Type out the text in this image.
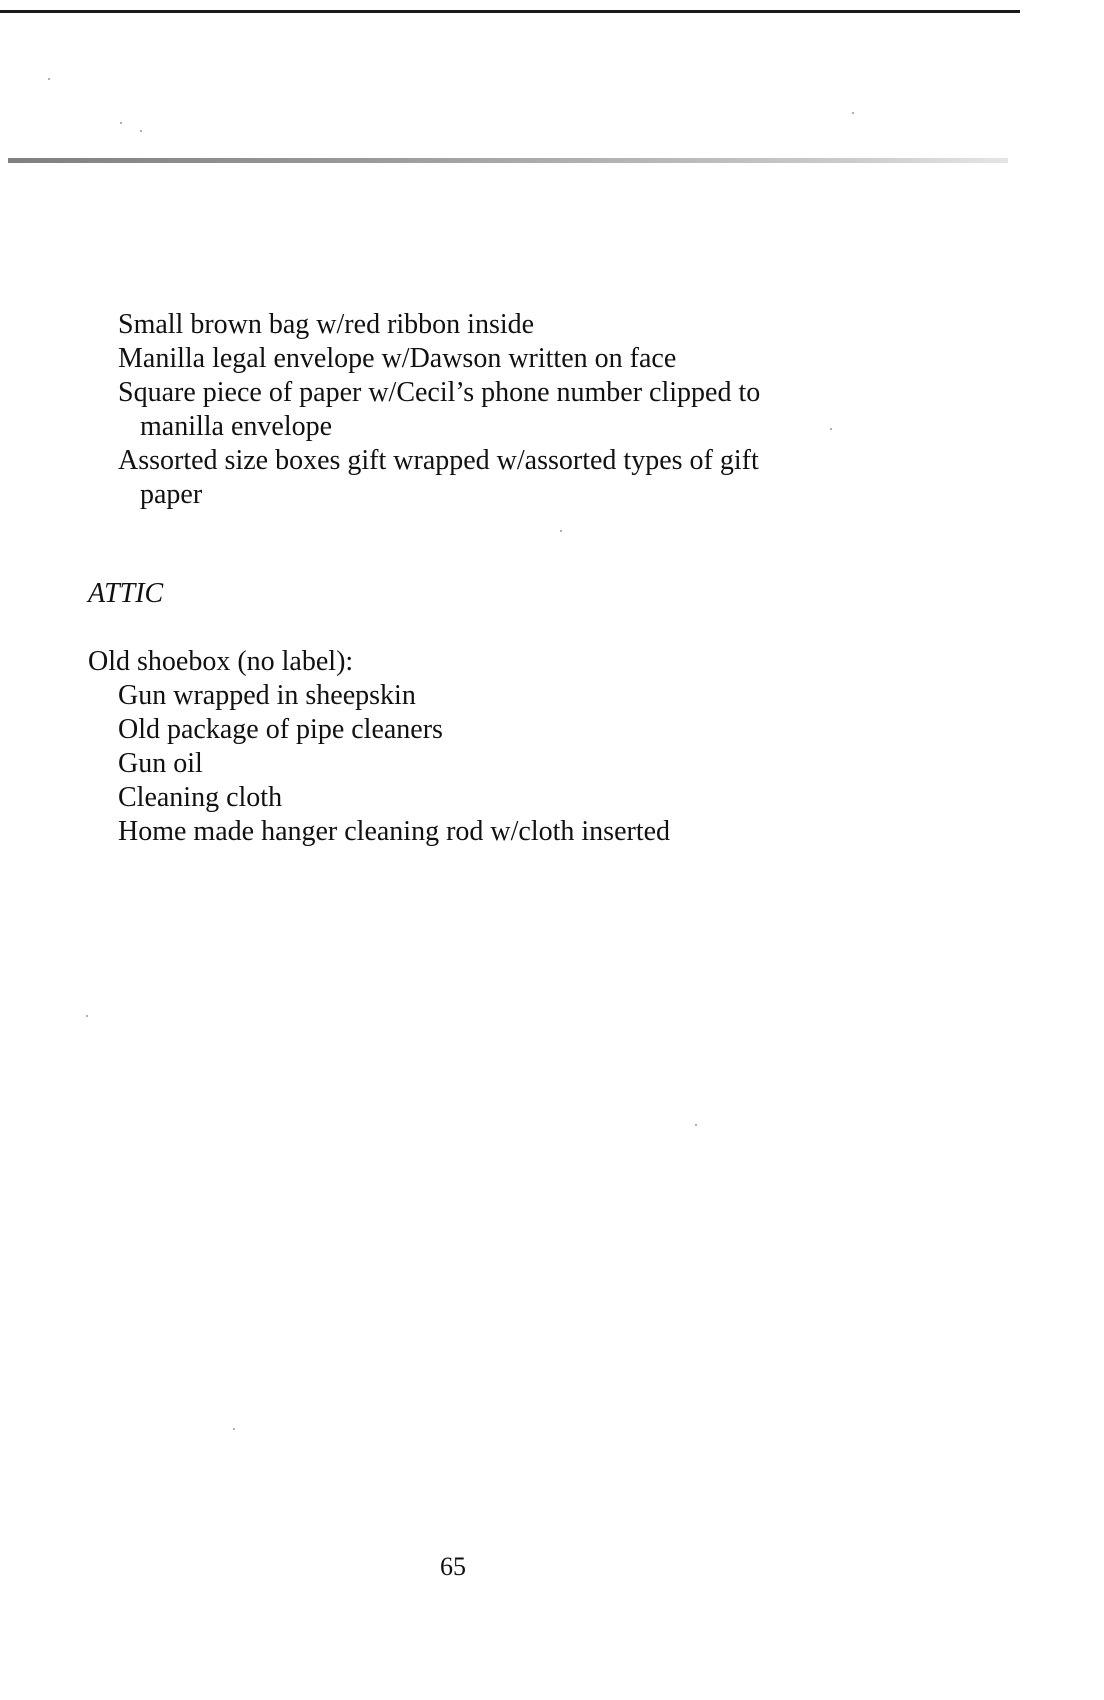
Small brown bag w/red ribbon inside
Manilla legal envelope w/Dawson written on face
Square piece of paper w/Cecil’s phone number clipped to
manilla envelope
Assorted size boxes gift wrapped w/assorted types of gift
paper
ATTIC
Old shoebox (no label):
Gun wrapped in sheepskin
Old package of pipe cleaners
Gun oil
Cleaning cloth
Home made hanger cleaning rod w/cloth inserted
65
